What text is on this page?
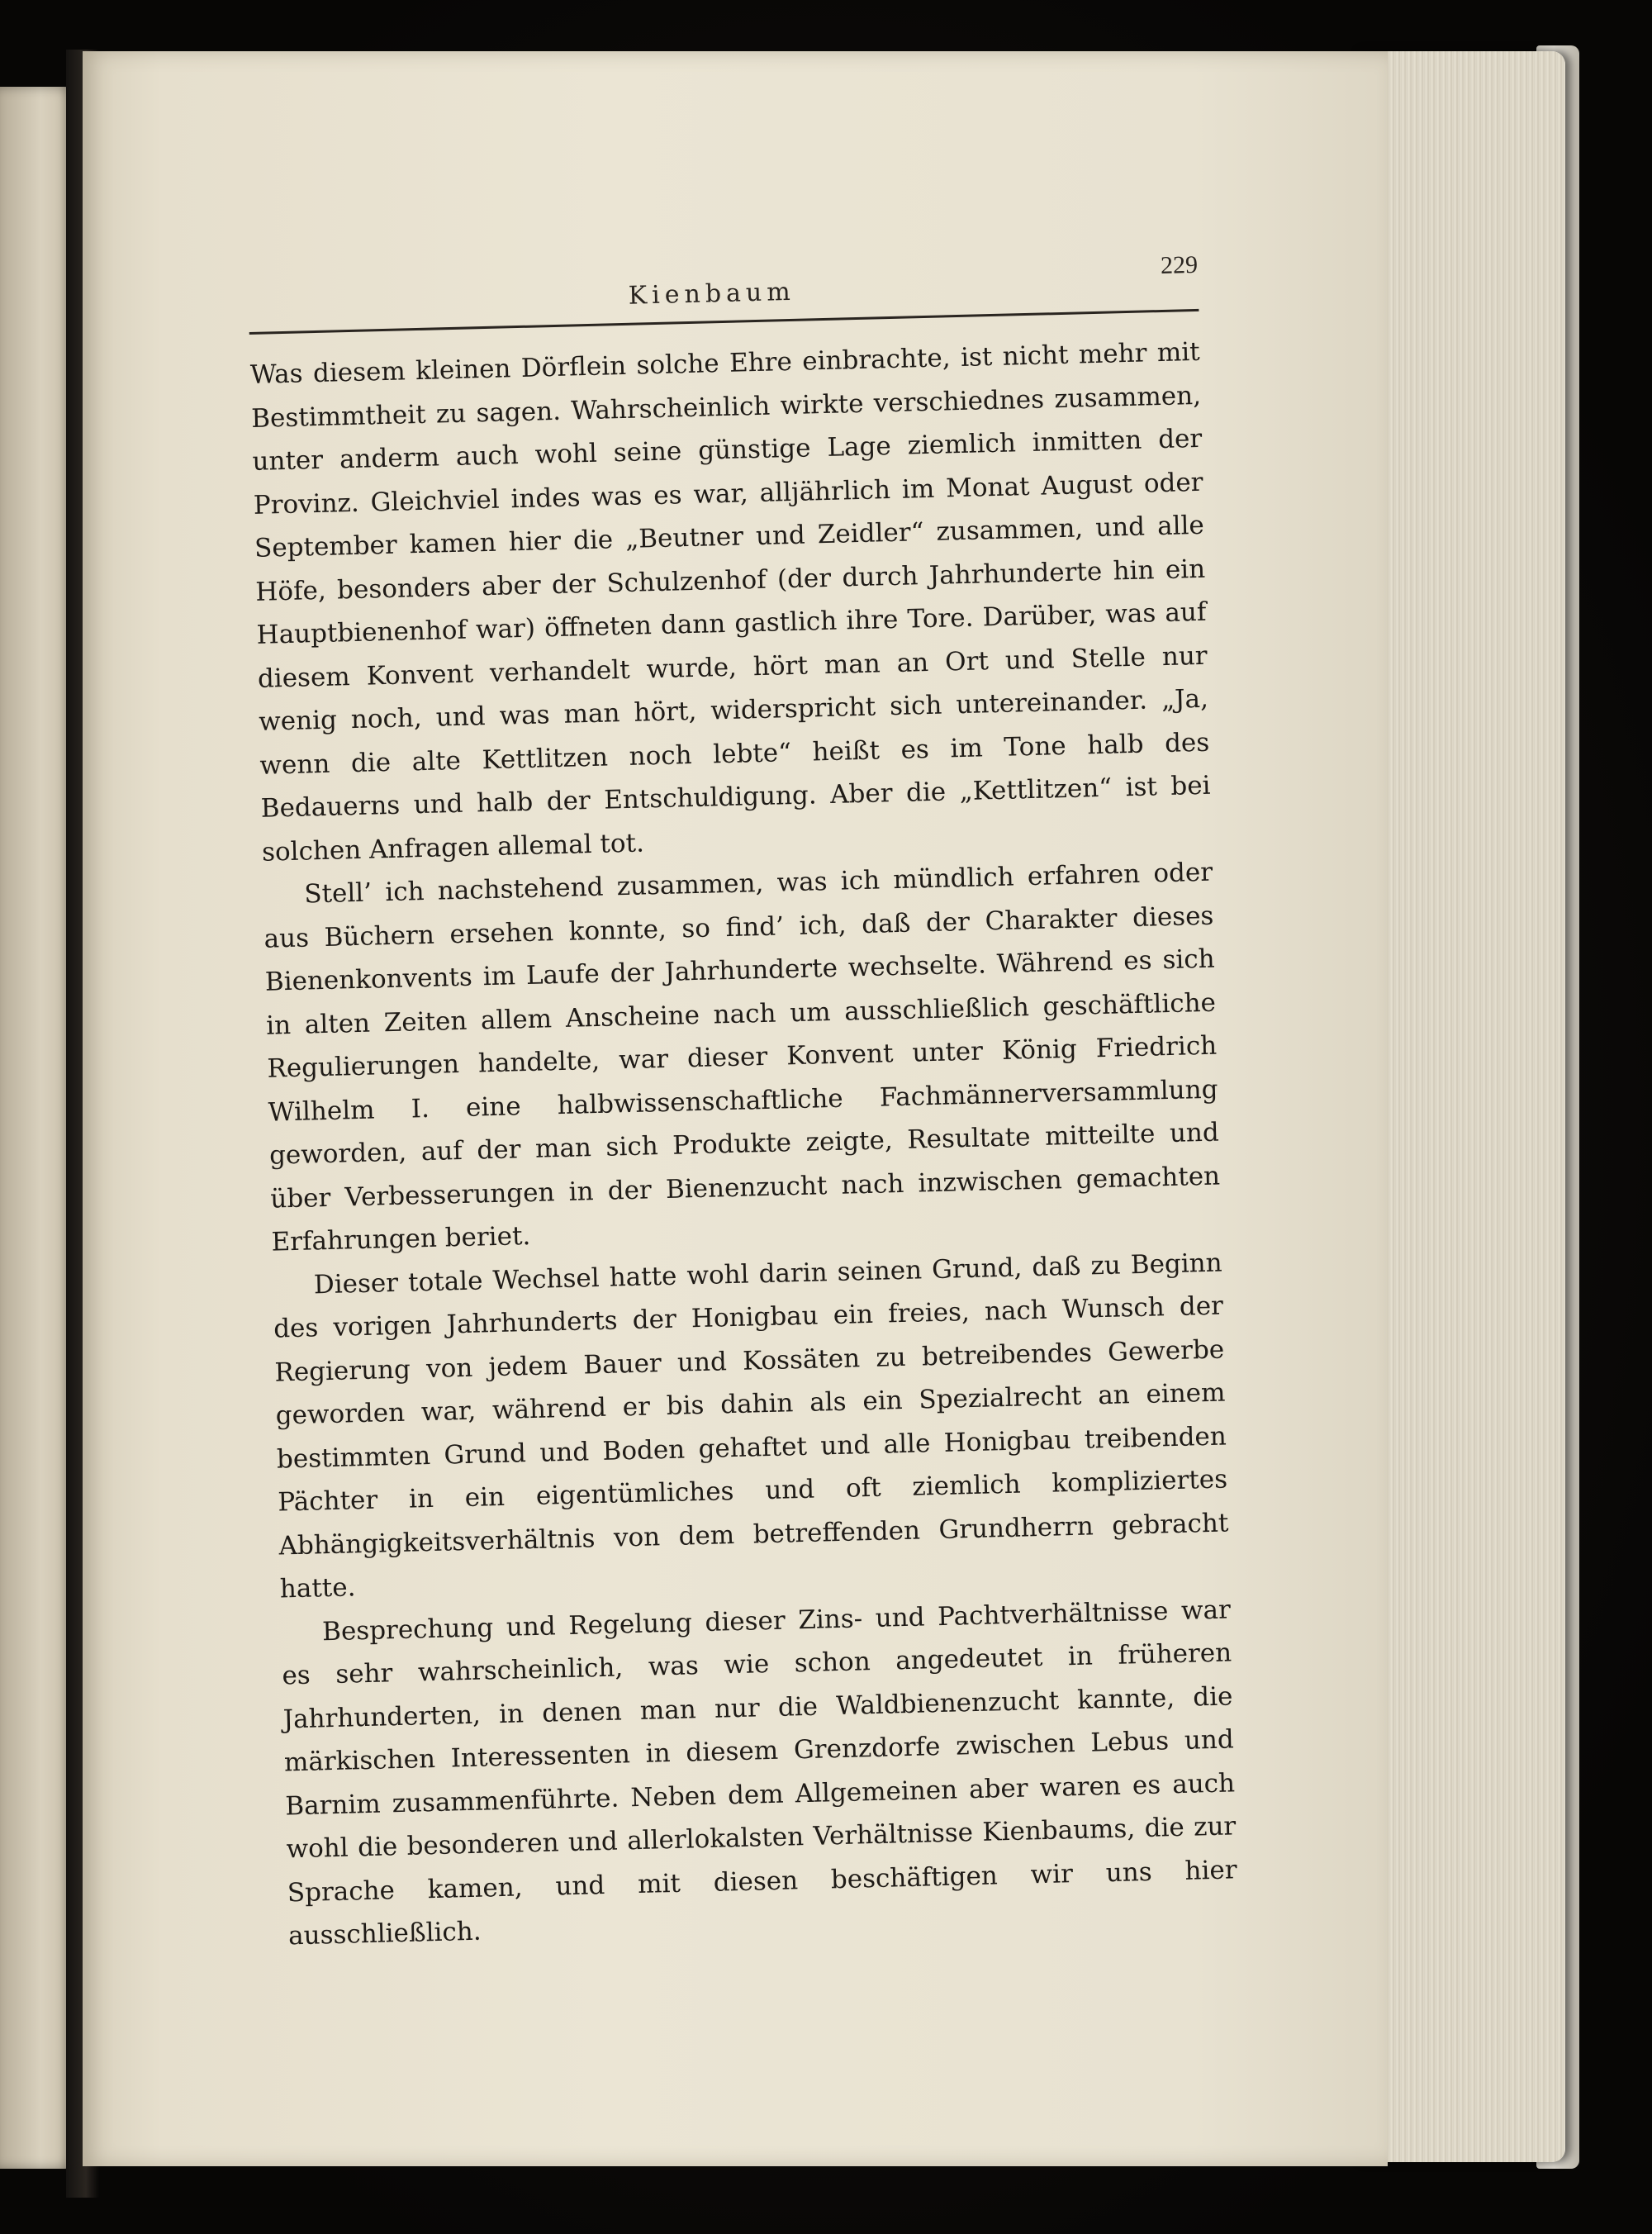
Kienbaum
229

Was diesem kleinen Dörflein solche Ehre einbrachte, ist nicht mehr mit Bestimmtheit zu sagen. Wahrscheinlich wirkte verschiednes zusammen, unter anderm auch wohl seine günstige Lage ziemlich inmitten der Provinz. Gleichviel indes was es war, alljährlich im Monat August oder September kamen hier die „Beutner und Zeidler“ zusammen, und alle Höfe, besonders aber der Schulzenhof (der durch Jahrhunderte hin ein Hauptbienenhof war) öffneten dann gastlich ihre Tore. Darüber, was auf diesem Konvent verhandelt wurde, hört man an Ort und Stelle nur wenig noch, und was man hört, widerspricht sich untereinander. „Ja, wenn die alte Kettlitzen noch lebte“ heißt es im Tone halb des Bedauerns und halb der Entschuldigung. Aber die „Kettlitzen“ ist bei solchen Anfragen allemal tot.

Stell’ ich nachstehend zusammen, was ich mündlich erfahren oder aus Büchern ersehen konnte, so find’ ich, daß der Charakter dieses Bienenkonvents im Laufe der Jahrhunderte wechselte. Während es sich in alten Zeiten allem Anscheine nach um ausschließlich geschäftliche Regulierungen handelte, war dieser Konvent unter König Friedrich Wilhelm I. eine halbwissenschaftliche Fachmännerversammlung geworden, auf der man sich Produkte zeigte, Resultate mitteilte und über Verbesserungen in der Bienenzucht nach inzwischen gemachten Erfahrungen beriet.

Dieser totale Wechsel hatte wohl darin seinen Grund, daß zu Beginn des vorigen Jahrhunderts der Honigbau ein freies, nach Wunsch der Regierung von jedem Bauer und Kossäten zu betreibendes Gewerbe geworden war, während er bis dahin als ein Spezialrecht an einem bestimmten Grund und Boden gehaftet und alle Honigbau treibenden Pächter in ein eigentümliches und oft ziemlich kompliziertes Abhängigkeitsverhältnis von dem betreffenden Grundherrn gebracht hatte.

Besprechung und Regelung dieser Zins- und Pachtverhältnisse war es sehr wahrscheinlich, was wie schon angedeutet in früheren Jahrhunderten, in denen man nur die Waldbienenzucht kannte, die märkischen Interessenten in diesem Grenzdorfe zwischen Lebus und Barnim zusammenführte. Neben dem Allgemeinen aber waren es auch wohl die besonderen und allerlokalsten Verhältnisse Kienbaums, die zur Sprache kamen, und mit diesen beschäftigen wir uns hier ausschließlich.
